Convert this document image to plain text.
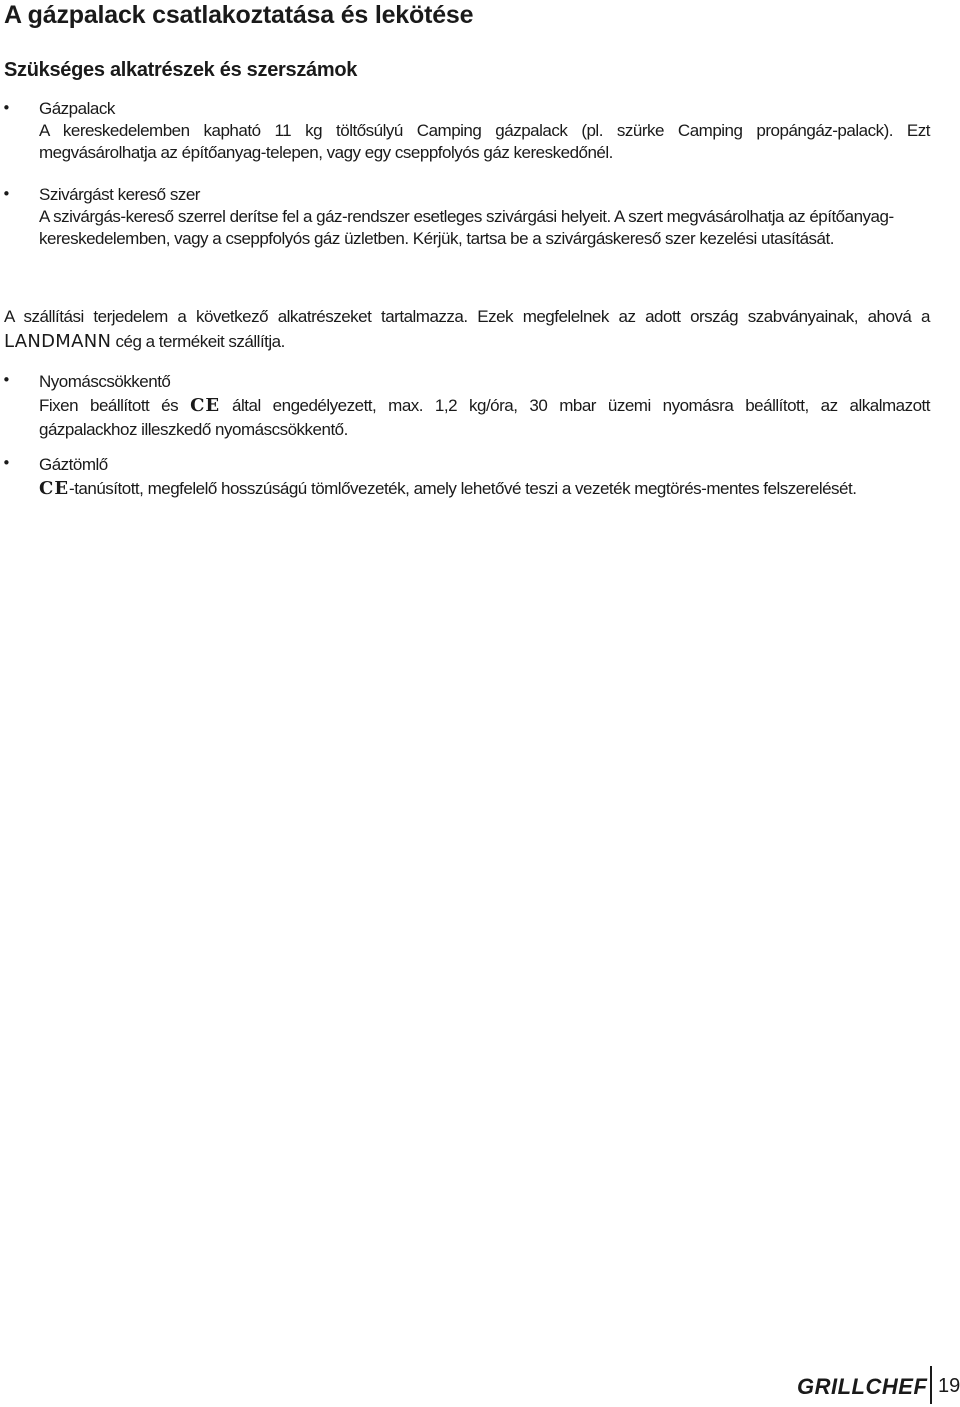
A gázpalack csatlakoztatása és lekötése
Szükséges alkatrészek és szerszámok
• Gázpalack
A kereskedelemben kapható 11 kg töltősúlyú Camping gázpalack (pl. szürke Camping propángáz-palack). Ezt
megvásárolhatja az építőanyag-telepen, vagy egy cseppfolyós gáz kereskedőnél.
• Szivárgást kereső szer
A szivárgás-kereső szerrel derítse fel a gáz-rendszer esetleges szivárgási helyeit. A szert megvásárolhatja az építőanyag-
kereskedelemben, vagy a cseppfolyós gáz üzletben. Kérjük, tartsa be a szivárgáskereső szer kezelési utasítását.
A szállítási terjedelem a következő alkatrészeket tartalmazza. Ezek megfelelnek az adott ország szabványainak, ahová a
LANDMANN cég a termékeit szállítja.
• Nyomáscsökkentő
Fixen beállított és CE által engedélyezett, max. 1,2 kg/óra, 30 mbar üzemi nyomásra beállított, az alkalmazott
gázpalackhoz illeszkedő nyomáscsökkentő.
• Gáztömlő
CE-tanúsított, megfelelő hosszúságú tömlővezeték, amely lehetővé teszi a vezeték megtörés-mentes felszerelését.
GRILLCHEF 19
